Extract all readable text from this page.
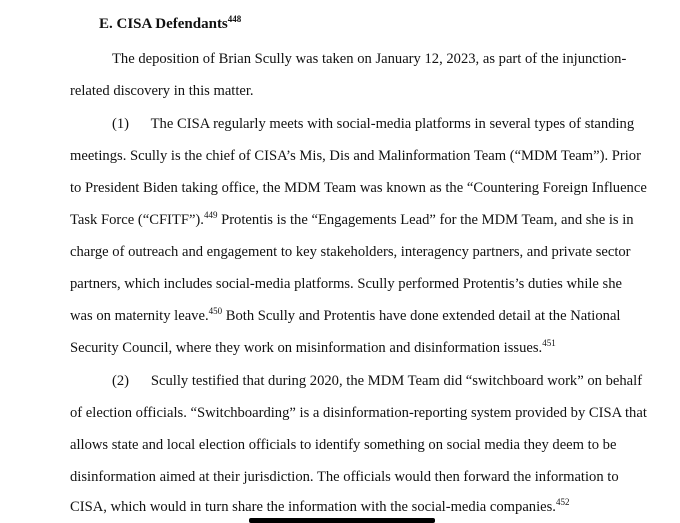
E. CISA Defendants$^{448}$
The deposition of Brian Scully was taken on January 12, 2023, as part of the injunction-
related discovery in this matter.
(1)      The CISA regularly meets with social-media platforms in several types of standing
meetings. Scully is the chief of CISA’s Mis, Dis and Malinformation Team (“MDM Team”). Prior
to President Biden taking office, the MDM Team was known as the “Countering Foreign Influence
Task Force (“CFITF”).$^{449}$ Protentis is the “Engagements Lead” for the MDM Team, and she is in
charge of outreach and engagement to key stakeholders, interagency partners, and private sector
partners, which includes social-media platforms. Scully performed Protentis’s duties while she
was on maternity leave.$^{450}$ Both Scully and Protentis have done extended detail at the National
Security Council, where they work on misinformation and disinformation issues.$^{451}$
(2)      Scully testified that during 2020, the MDM Team did “switchboard work” on behalf
of election officials. “Switchboarding” is a disinformation-reporting system provided by CISA that
allows state and local election officials to identify something on social media they deem to be
disinformation aimed at their jurisdiction. The officials would then forward the information to
CISA, which would in turn share the information with the social-media companies.$^{452}$
